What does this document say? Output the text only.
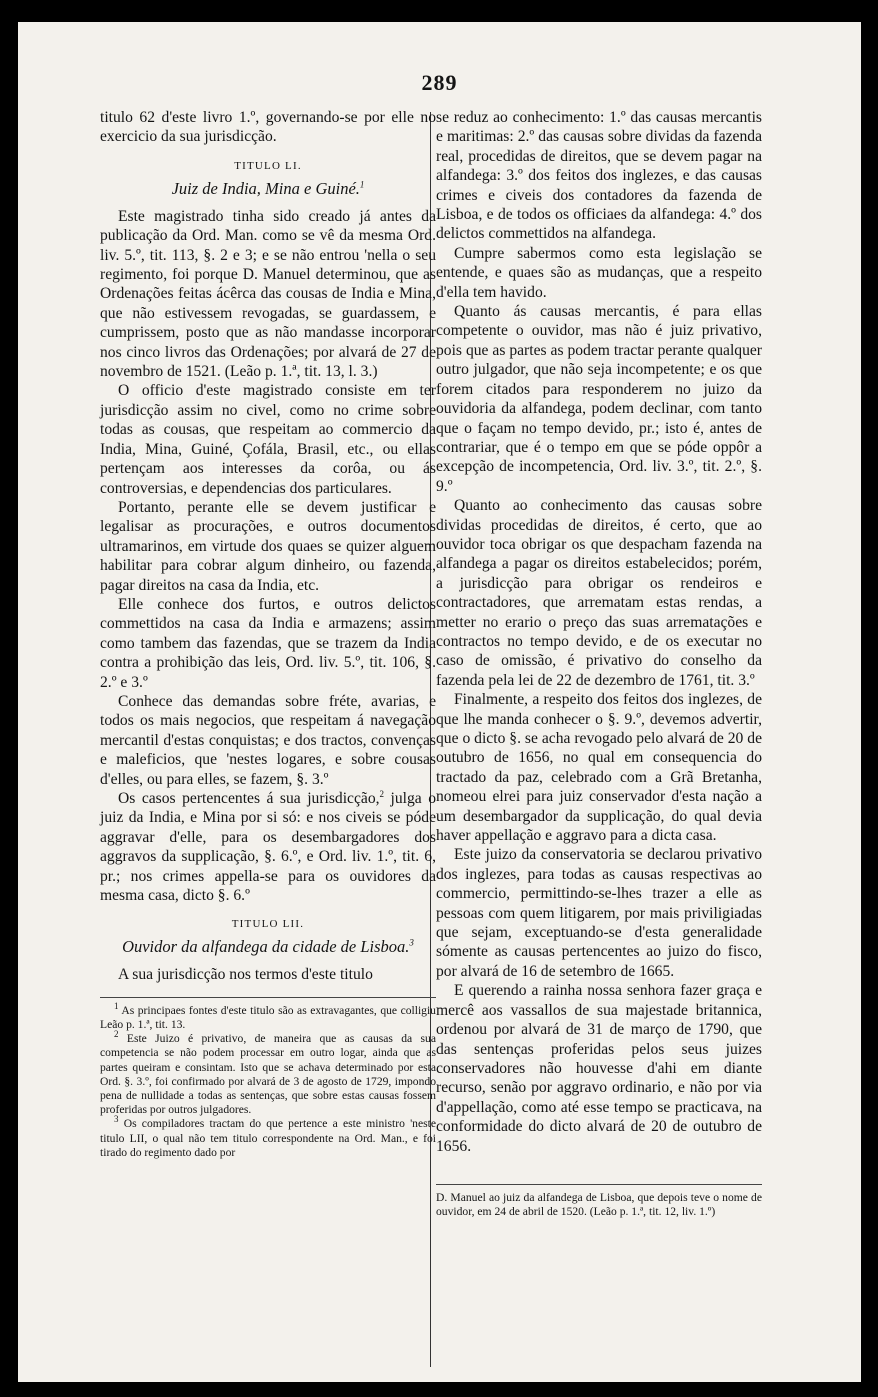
289

titulo 62 d'este livro 1.º, governando-se por elle no exercicio da sua jurisdicção.

TITULO LI.
Juiz de India, Mina e Guiné.$^1$

Este magistrado tinha sido creado já antes da publicação da Ord. Man. como se vê da mesma Ord. liv. 5.º, tit. 113, §. 2 e 3; e se não entrou 'nella o seu regimento, foi porque D. Manuel determinou, que as Ordenações feitas ácêrca das cousas de India e Mina, que não estivessem revogadas, se guardassem, e cumprissem, posto que as não mandasse incorporar nos cinco livros das Ordenações; por alvará de 27 de novembro de 1521. (Leão p. 1.ª, tit. 13, l. 3.)

O officio d'este magistrado consiste em ter jurisdicção assim no civel, como no crime sobre todas as cousas, que respeitam ao commercio da India, Mina, Guiné, Çofála, Brasil, etc., ou ellas pertençam aos interesses da corôa, ou ás controversias, e dependencias dos particulares.

Portanto, perante elle se devem justificar e legalisar as procurações, e outros documentos ultramarinos, em virtude dos quaes se quizer alguem habilitar para cobrar algum dinheiro, ou fazenda, pagar direitos na casa da India, etc.

Elle conhece dos furtos, e outros delictos commettidos na casa da India e armazens; assim como tambem das fazendas, que se trazem da India contra a prohibição das leis, Ord. liv. 5.º, tit. 106, §. 2.º e 3.º

Conhece das demandas sobre fréte, avarias, e todos os mais negocios, que respeitam á navegação mercantil d'estas conquistas; e dos tractos, convenças e maleficios, que 'nestes logares, e sobre cousas d'elles, ou para elles, se fazem, §. 3.º

Os casos pertencentes á sua jurisdicção,$^2$ julga o juiz da India, e Mina por si só: e nos civeis se póde aggravar d'elle, para os desembargadores dos aggravos da supplicação, §. 6.º, e Ord. liv. 1.º, tit. 6, pr.; nos crimes appella-se para os ouvidores da mesma casa, dicto §. 6.º

TITULO LII.
Ouvidor da alfandega da cidade de Lisboa.$^3$

A sua jurisdicção nos termos d'este titulo

$^1$ As principaes fontes d'este titulo são as extravagantes, que colligiu Leão p. 1.ª, tit. 13.

$^2$ Este Juizo é privativo, de maneira que as causas da sua competencia se não podem processar em outro logar, ainda que as partes queiram e consintam. Isto que se achava determinado por esta Ord. §. 3.º, foi confirmado por alvará de 3 de agosto de 1729, impondo pena de nullidade a todas as sentenças, que sobre estas causas fossem proferidas por outros julgadores.

$^3$ Os compiladores tractam do que pertence a este ministro 'neste titulo LII, o qual não tem titulo correspondente na Ord. Man., e foi tirado do regimento dado por

se reduz ao conhecimento: 1.º das causas mercantis e maritimas: 2.º das causas sobre dividas da fazenda real, procedidas de direitos, que se devem pagar na alfandega: 3.º dos feitos dos inglezes, e das causas crimes e civeis dos contadores da fazenda de Lisboa, e de todos os officiaes da alfandega: 4.º dos delictos commettidos na alfandega.

Cumpre sabermos como esta legislação se entende, e quaes são as mudanças, que a respeito d'ella tem havido.

Quanto ás causas mercantis, é para ellas competente o ouvidor, mas não é juiz privativo, pois que as partes as podem tractar perante qualquer outro julgador, que não seja incompetente; e os que forem citados para responderem no juizo da ouvidoria da alfandega, podem declinar, com tanto que o façam no tempo devido, pr.; isto é, antes de contrariar, que é o tempo em que se póde oppôr a excepção de incompetencia, Ord. liv. 3.º, tit. 2.º, §. 9.º

Quanto ao conhecimento das causas sobre dividas procedidas de direitos, é certo, que ao ouvidor toca obrigar os que despacham fazenda na alfandega a pagar os direitos estabelecidos; porém, a jurisdicção para obrigar os rendeiros e contractadores, que arrematam estas rendas, a metter no erario o preço das suas arrematações e contractos no tempo devido, e de os executar no caso de omissão, é privativo do conselho da fazenda pela lei de 22 de dezembro de 1761, tit. 3.º

Finalmente, a respeito dos feitos dos inglezes, de que lhe manda conhecer o §. 9.º, devemos advertir, que o dicto §. se acha revogado pelo alvará de 20 de outubro de 1656, no qual em consequencia do tractado da paz, celebrado com a Grã Bretanha, nomeou elrei para juiz conservador d'esta nação a um desembargador da supplicação, do qual devia haver appellação e aggravo para a dicta casa.

Este juizo da conservatoria se declarou privativo dos inglezes, para todas as causas respectivas ao commercio, permittindo-se-lhes trazer a elle as pessoas com quem litigarem, por mais priviligiadas que sejam, exceptuando-se d'esta generalidade sómente as causas pertencentes ao juizo do fisco, por alvará de 16 de setembro de 1665.

E querendo a rainha nossa senhora fazer graça e mercê aos vassallos de sua majestade britannica, ordenou por alvará de 31 de março de 1790, que das sentenças proferidas pelos seus juizes conservadores não houvesse d'ahi em diante recurso, senão por aggravo ordinario, e não por via d'appellação, como até esse tempo se practicava, na conformidade do dicto alvará de 20 de outubro de 1656.

D. Manuel ao juiz da alfandega de Lisboa, que depois teve o nome de ouvidor, em 24 de abril de 1520. (Leão p. 1.ª, tit. 12, liv. 1.º)
